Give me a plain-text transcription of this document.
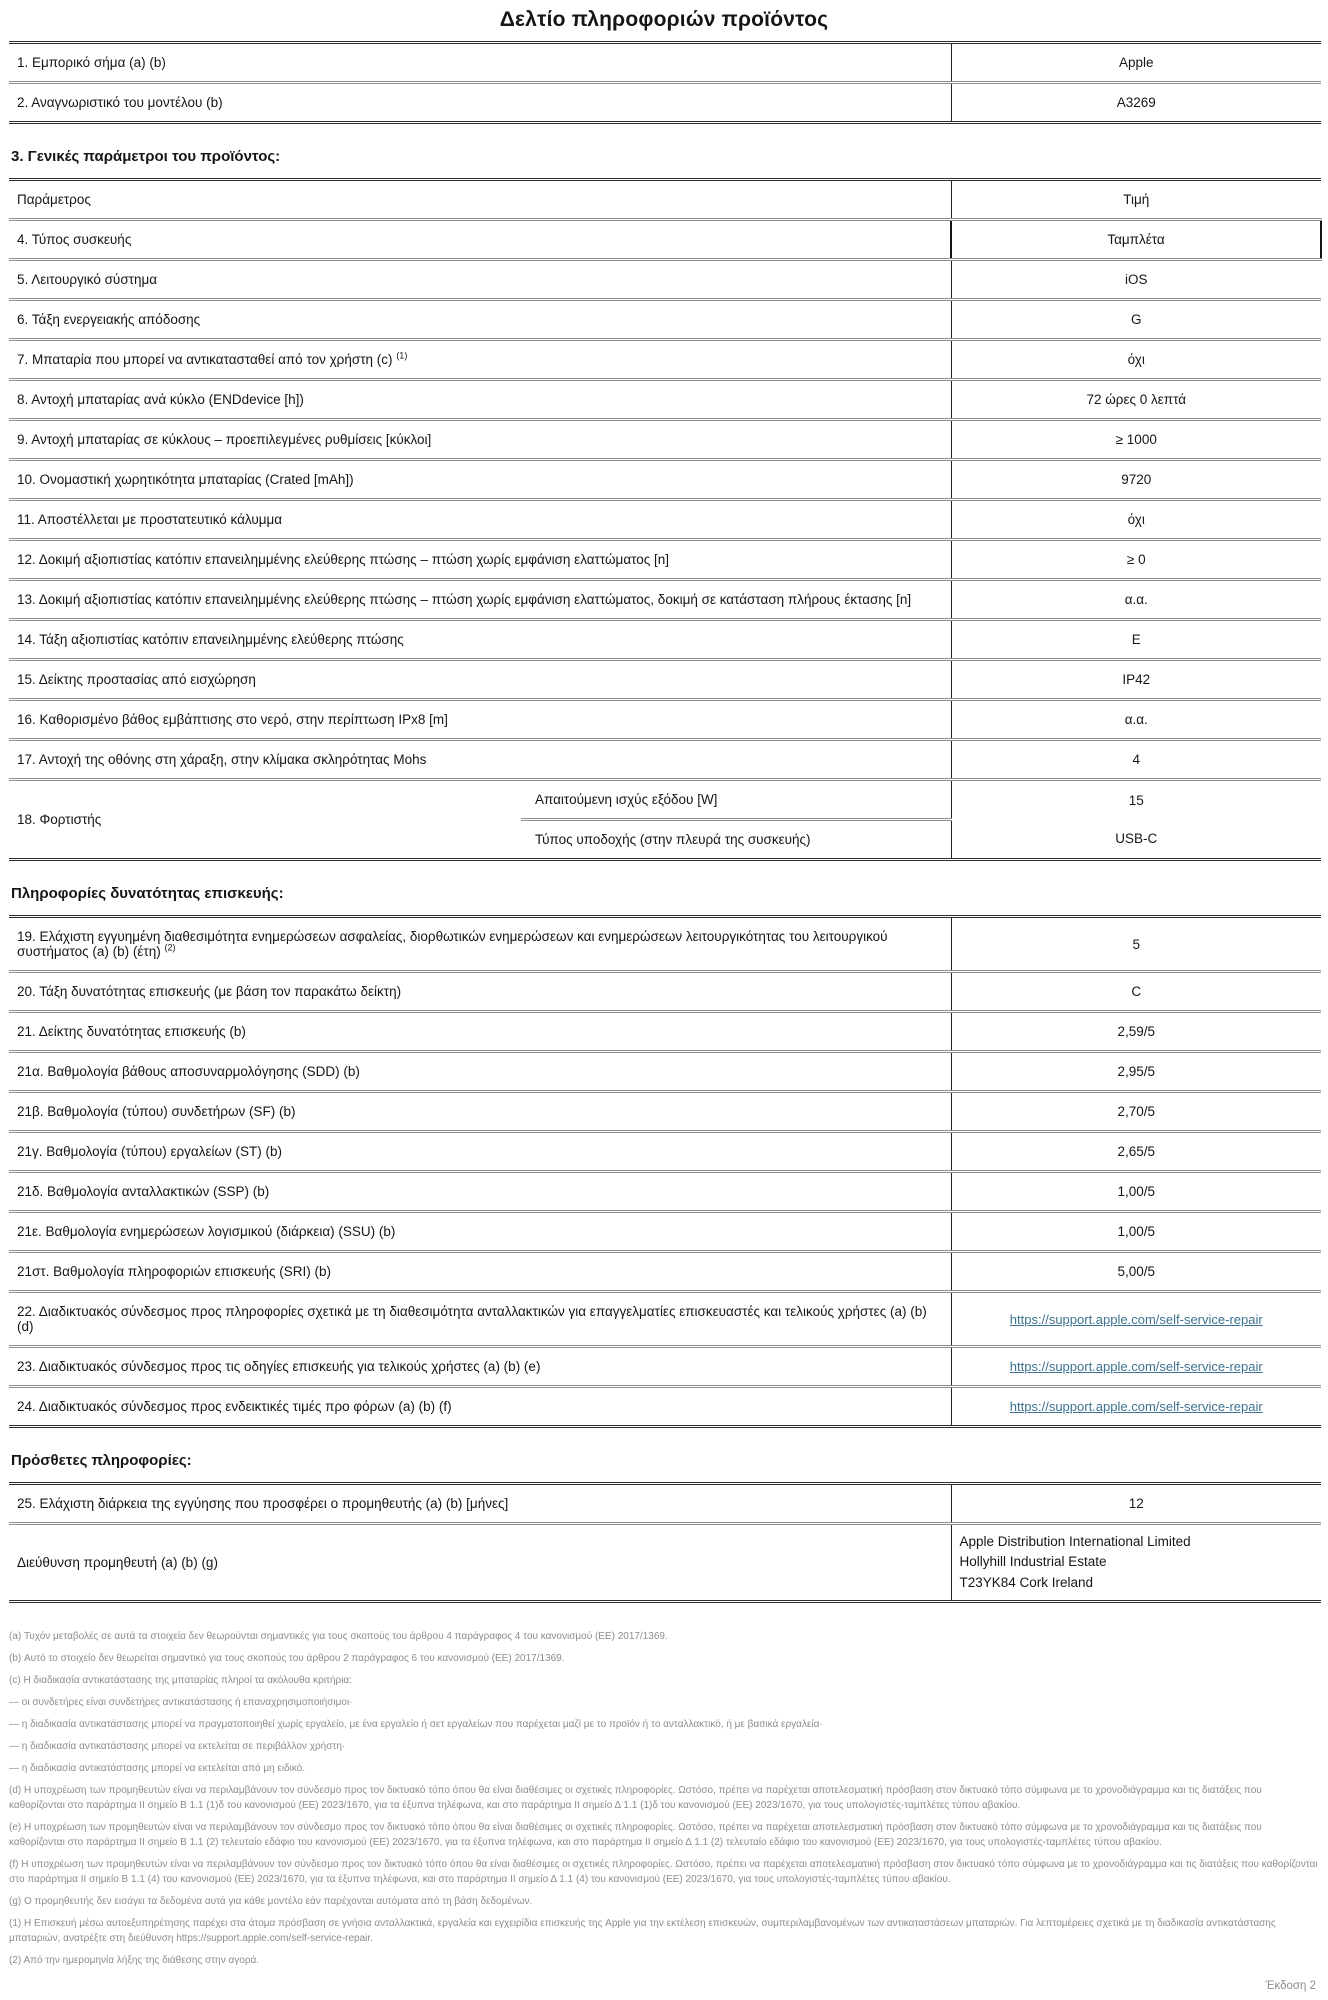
Δελτίο πληροφοριών προϊόντος
1. Εμπορικό σήμα (a) (b)	Apple
2. Αναγνωριστικό του μοντέλου (b)	A3269
3. Γενικές παράμετροι του προϊόντος:
Παράμετρος		Τιμή
4. Τύπος συσκευής		Ταμπλέτα
5. Λειτουργικό σύστημα		iOS
6. Τάξη ενεργειακής απόδοσης		G
7. Μπαταρία που μπορεί να αντικατασταθεί από τον χρήστη (c) $^{(1)}$		όχι
8. Αντοχή μπαταρίας ανά κύκλο (ENDdevice [h])		72 ώρες 0 λεπτά
9. Αντοχή μπαταρίας σε κύκλους – προεπιλεγμένες ρυθμίσεις [κύκλοι]		≥ 1000
10. Ονομαστική χωρητικότητα μπαταρίας (Crated [mAh])		9720
11. Αποστέλλεται με προστατευτικό κάλυμμα		όχι
12. Δοκιμή αξιοπιστίας κατόπιν επανειλημμένης ελεύθερης πτώσης – πτώση χωρίς εμφάνιση ελαττώματος [n]		≥ 0
13. Δοκιμή αξιοπιστίας κατόπιν επανειλημμένης ελεύθερης πτώσης – πτώση χωρίς εμφάνιση ελαττώματος, δοκιμή σε κατάσταση πλήρους έκτασης [n]		α.α.
14. Τάξη αξιοπιστίας κατόπιν επανειλημμένης ελεύθερης πτώσης		E
15. Δείκτης προστασίας από εισχώρηση		IP42
16. Καθορισμένο βάθος εμβάπτισης στο νερό, στην περίπτωση IPx8 [m]		α.α.
17. Αντοχή της οθόνης στη χάραξη, στην κλίμακα σκληρότητας Mohs		4
18. Φορτιστής	Απαιτούμενη ισχύς εξόδου [W]	15
	Τύπος υποδοχής (στην πλευρά της συσκευής)	USB-C
Πληροφορίες δυνατότητας επισκευής:
19. Ελάχιστη εγγυημένη διαθεσιμότητα ενημερώσεων ασφαλείας, διορθωτικών ενημερώσεων και ενημερώσεων λειτουργικότητας του λειτουργικού συστήματος (a) (b) (έτη) $^{(2)}$	5
20. Τάξη δυνατότητας επισκευής (με βάση τον παρακάτω δείκτη)	C
21. Δείκτης δυνατότητας επισκευής (b)	2,59/5
21α. Βαθμολογία βάθους αποσυναρμολόγησης (SDD) (b)	2,95/5
21β. Βαθμολογία (τύπου) συνδετήρων (SF) (b)	2,70/5
21γ. Βαθμολογία (τύπου) εργαλείων (ST) (b)	2,65/5
21δ. Βαθμολογία ανταλλακτικών (SSP) (b)	1,00/5
21ε. Βαθμολογία ενημερώσεων λογισμικού (διάρκεια) (SSU) (b)	1,00/5
21στ. Βαθμολογία πληροφοριών επισκευής (SRI) (b)	5,00/5
22. Διαδικτυακός σύνδεσμος προς πληροφορίες σχετικά με τη διαθεσιμότητα ανταλλακτικών για επαγγελματίες επισκευαστές και τελικούς χρήστες (a) (b) (d)	https://support.apple.com/self-service-repair
23. Διαδικτυακός σύνδεσμος προς τις οδηγίες επισκευής για τελικούς χρήστες (a) (b) (e)	https://support.apple.com/self-service-repair
24. Διαδικτυακός σύνδεσμος προς ενδεικτικές τιμές προ φόρων (a) (b) (f)	https://support.apple.com/self-service-repair
Πρόσθετες πληροφορίες:
25. Ελάχιστη διάρκεια της εγγύησης που προσφέρει ο προμηθευτής (a) (b) [μήνες]	12
Διεύθυνση προμηθευτή (a) (b) (g)	Apple Distribution International Limited
Hollyhill Industrial Estate
T23YK84 Cork Ireland

(a) Τυχόν μεταβολές σε αυτά τα στοιχεία δεν θεωρούνται σημαντικές για τους σκοπούς του άρθρου 4 παράγραφος 4 του κανονισμού (ΕΕ) 2017/1369.

(b) Αυτό το στοιχείο δεν θεωρείται σημαντικό για τους σκοπούς του άρθρου 2 παράγραφος 6 του κανονισμού (ΕΕ) 2017/1369.

(c) Η διαδικασία αντικατάστασης της μπαταρίας πληροί τα ακόλουθα κριτήρια:

— οι συνδετήρες είναι συνδετήρες αντικατάστασης ή επαναχρησιμοποιήσιμοι·

— η διαδικασία αντικατάστασης μπορεί να πραγματοποιηθεί χωρίς εργαλείο, με ένα εργαλείο ή σετ εργαλείων που παρέχεται μαζί με το προϊόν ή το ανταλλακτικό, ή με βασικά εργαλεία·

— η διαδικασία αντικατάστασης μπορεί να εκτελείται σε περιβάλλον χρήστη·

— η διαδικασία αντικατάστασης μπορεί να εκτελείται από μη ειδικό.

(d) Η υποχρέωση των προμηθευτών είναι να περιλαμβάνουν τον σύνδεσμο προς τον δικτυακό τόπο όπου θα είναι διαθέσιμες οι σχετικές πληροφορίες. Ωστόσο, πρέπει να παρέχεται αποτελεσματική πρόσβαση στον δικτυακό τόπο σύμφωνα με το χρονοδιάγραμμα και τις διατάξεις που καθορίζονται στο παράρτημα II σημείο B 1.1 (1)δ του κανονισμού (ΕΕ) 2023/1670, για τα έξυπνα τηλέφωνα, και στο παράρτημα II σημείο Δ 1.1 (1)δ του κανονισμού (ΕΕ) 2023/1670, για τους υπολογιστές-ταμπλέτες τύπου αβακίου.

(e) Η υποχρέωση των προμηθευτών είναι να περιλαμβάνουν τον σύνδεσμο προς τον δικτυακό τόπο όπου θα είναι διαθέσιμες οι σχετικές πληροφορίες. Ωστόσο, πρέπει να παρέχεται αποτελεσματική πρόσβαση στον δικτυακό τόπο σύμφωνα με το χρονοδιάγραμμα και τις διατάξεις που καθορίζονται στο παράρτημα II σημείο B 1.1 (2) τελευταίο εδάφιο του κανονισμού (ΕΕ) 2023/1670, για τα έξυπνα τηλέφωνα, και στο παράρτημα II σημείο Δ 1.1 (2) τελευταίο εδάφιο του κανονισμού (ΕΕ) 2023/1670, για τους υπολογιστές-ταμπλέτες τύπου αβακίου.

(f) Η υποχρέωση των προμηθευτών είναι να περιλαμβάνουν τον σύνδεσμο προς τον δικτυακό τόπο όπου θα είναι διαθέσιμες οι σχετικές πληροφορίες. Ωστόσο, πρέπει να παρέχεται αποτελεσματική πρόσβαση στον δικτυακό τόπο σύμφωνα με το χρονοδιάγραμμα και τις διατάξεις που καθορίζονται στο παράρτημα II σημείο B 1.1 (4) του κανονισμού (ΕΕ) 2023/1670, για τα έξυπνα τηλέφωνα, και στο παράρτημα II σημείο Δ 1.1 (4) του κανονισμού (ΕΕ) 2023/1670, για τους υπολογιστές-ταμπλέτες τύπου αβακίου.

(g) Ο προμηθευτής δεν εισάγει τα δεδομένα αυτά για κάθε μοντέλο εάν παρέχονται αυτόματα από τη βάση δεδομένων.

(1) Η Επισκευή μέσω αυτοεξυπηρέτησης παρέχει στα άτομα πρόσβαση σε γνήσια ανταλλακτικά, εργαλεία και εγχειρίδια επισκευής της Apple για την εκτέλεση επισκευών, συμπεριλαμβανομένων των αντικαταστάσεων μπαταριών. Για λεπτομέρειες σχετικά με τη διαδικασία αντικατάστασης μπαταριών, ανατρέξτε στη διεύθυνση https://support.apple.com/self-service-repair.

(2) Από την ημερομηνία λήξης της διάθεσης στην αγορά.

Έκδοση 2
